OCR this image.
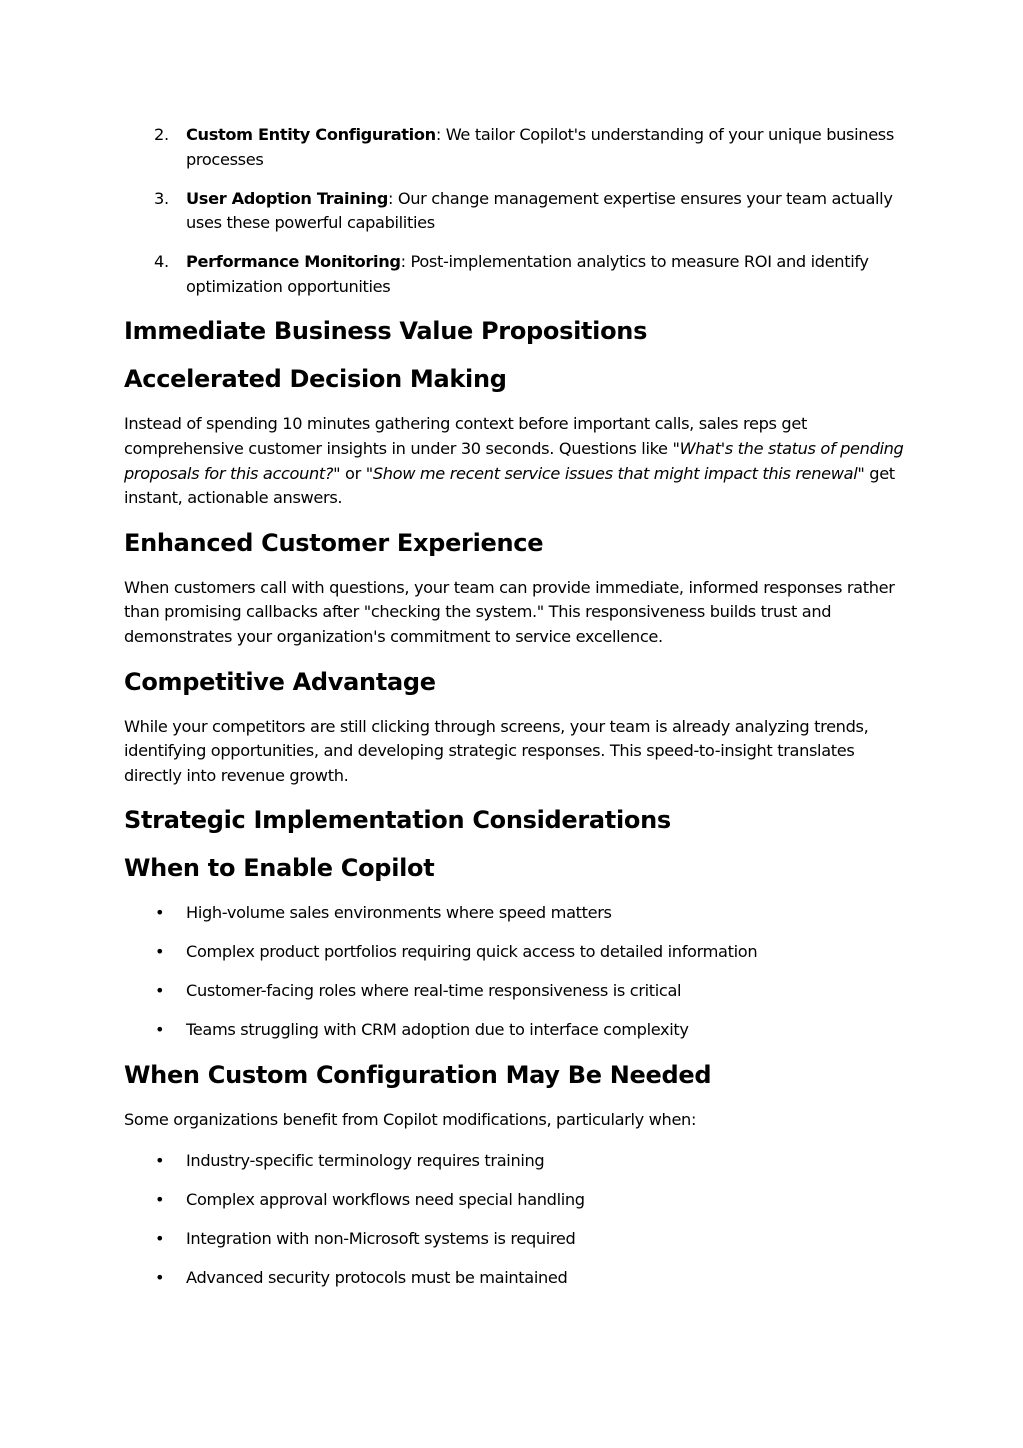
2. Custom Entity Configuration: We tailor Copilot's understanding of your unique business processes
3. User Adoption Training: Our change management expertise ensures your team actually uses these powerful capabilities
4. Performance Monitoring: Post-implementation analytics to measure ROI and identify optimization opportunities
Immediate Business Value Propositions
Accelerated Decision Making

Instead of spending 10 minutes gathering context before important calls, sales reps get comprehensive customer insights in under 30 seconds. Questions like "What's the status of pending proposals for this account?" or "Show me recent service issues that might impact this renewal" get instant, actionable answers.

Enhanced Customer Experience

When customers call with questions, your team can provide immediate, informed responses rather than promising callbacks after "checking the system." This responsiveness builds trust and demonstrates your organization's commitment to service excellence.

Competitive Advantage

While your competitors are still clicking through screens, your team is already analyzing trends, identifying opportunities, and developing strategic responses. This speed-to-insight translates directly into revenue growth.

Strategic Implementation Considerations
When to Enable Copilot
• High-volume sales environments where speed matters
• Complex product portfolios requiring quick access to detailed information
• Customer-facing roles where real-time responsiveness is critical
• Teams struggling with CRM adoption due to interface complexity
When Custom Configuration May Be Needed

Some organizations benefit from Copilot modifications, particularly when:

• Industry-specific terminology requires training
• Complex approval workflows need special handling
• Integration with non-Microsoft systems is required
• Advanced security protocols must be maintained
